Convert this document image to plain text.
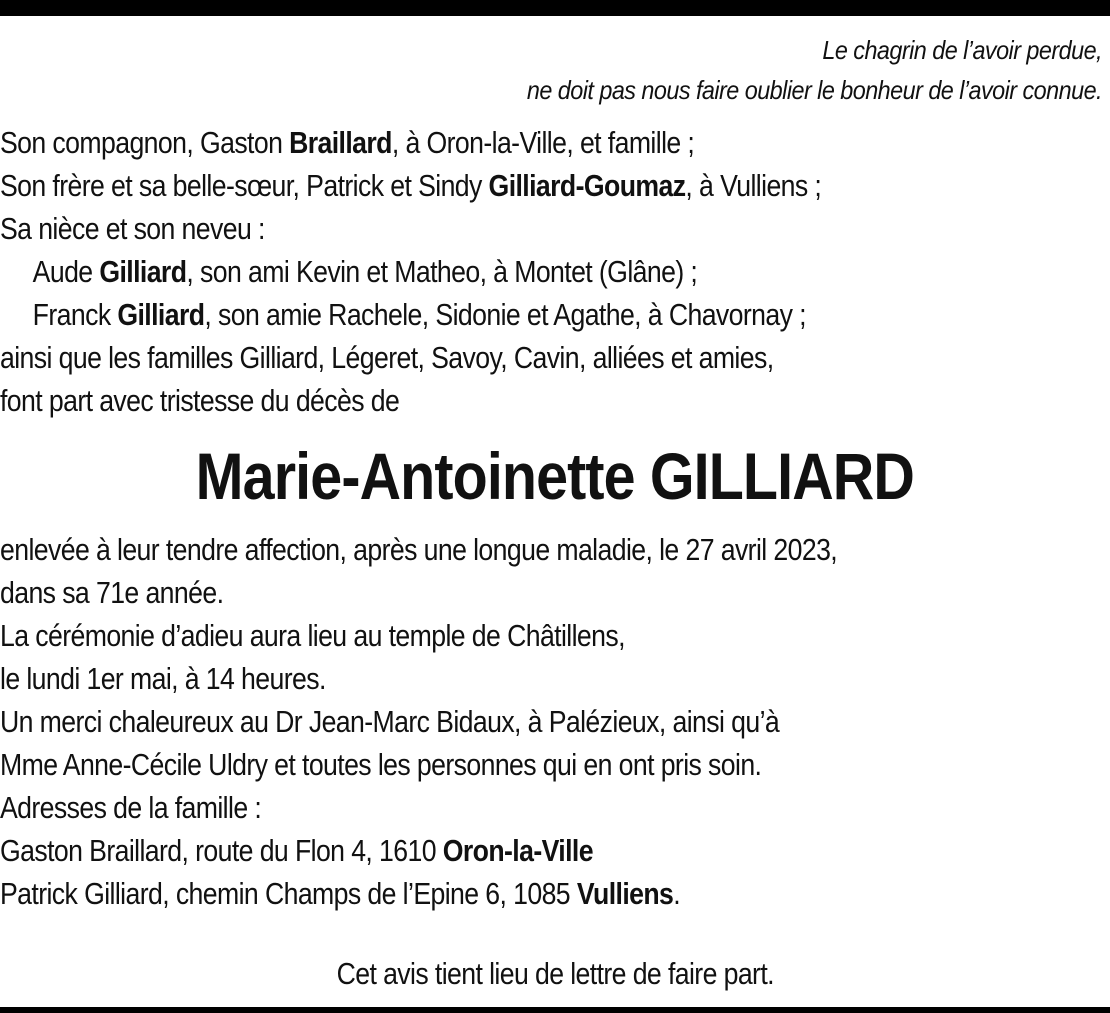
Le chagrin de l’avoir perdue,
ne doit pas nous faire oublier le bonheur de l’avoir connue.
Son compagnon, Gaston Braillard, à Oron-la-Ville, et famille ;
Son frère et sa belle-sœur, Patrick et Sindy Gilliard-Goumaz, à Vulliens ;
Sa nièce et son neveu :
Aude Gilliard, son ami Kevin et Matheo, à Montet (Glâne) ;
Franck Gilliard, son amie Rachele, Sidonie et Agathe, à Chavornay ;
ainsi que les familles Gilliard, Légeret, Savoy, Cavin, alliées et amies,
font part avec tristesse du décès de
Marie-Antoinette GILLIARD
enlevée à leur tendre affection, après une longue maladie, le 27 avril 2023,
dans sa 71e année.
La cérémonie d’adieu aura lieu au temple de Châtillens,
le lundi 1er mai, à 14 heures.
Un merci chaleureux au Dr Jean-Marc Bidaux, à Palézieux, ainsi qu’à
Mme Anne-Cécile Uldry et toutes les personnes qui en ont pris soin.
Adresses de la famille :
Gaston Braillard, route du Flon 4, 1610 Oron-la-Ville
Patrick Gilliard, chemin Champs de l’Epine 6, 1085 Vulliens.
Cet avis tient lieu de lettre de faire part.
